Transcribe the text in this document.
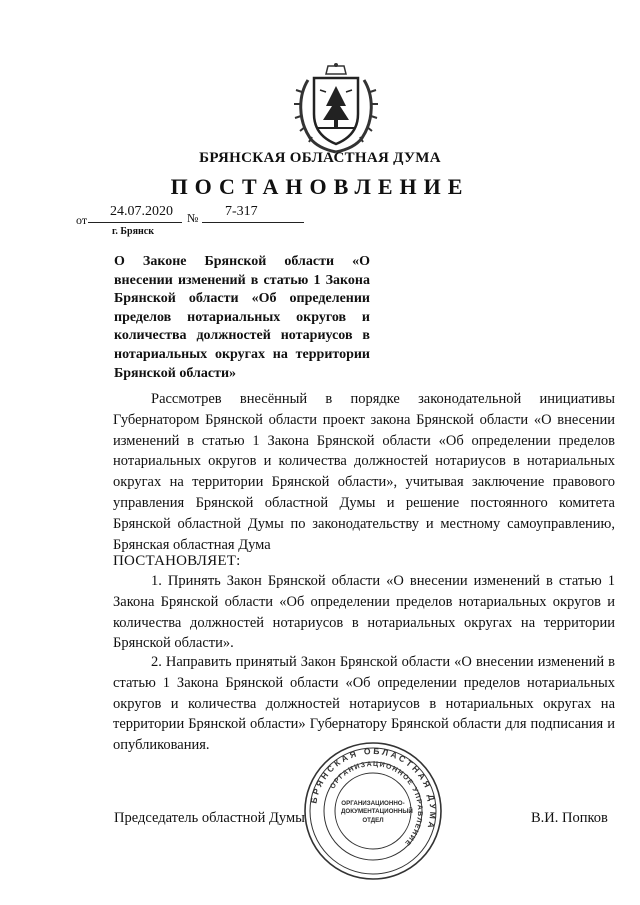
БРЯНСКАЯ ОБЛАСТНАЯ ДУМА
ПОСТАНОВЛЕНИЕ
от
24.07.2020 № 7-317
г. Брянск
О Законе Брянской области «О внесении изменений в статью 1 Закона Брянской области «Об определении пределов нотариальных округов и количества должностей нотариусов в нотариальных округах на территории Брянской области»
Рассмотрев внесённый в порядке законодательной инициативы Губернатором Брянской области проект закона Брянской области «О внесении изменений в статью 1 Закона Брянской области «Об определении пределов нотариальных округов и количества должностей нотариусов в нотариальных округах на территории Брянской области», учитывая заключение правового управления Брянской областной Думы и решение постоянного комитета Брянской областной Думы по законодательству и местному самоуправлению, Брянская областная Дума
ПОСТАНОВЛЯЕТ:
1. Принять Закон Брянской области «О внесении изменений в статью 1 Закона Брянской области «Об определении пределов нотариальных округов и количества должностей нотариусов в нотариальных округах на территории Брянской области».
2. Направить принятый Закон Брянской области «О внесении изменений в статью 1 Закона Брянской области «Об определении пределов нотариальных округов и количества должностей нотариусов в нотариальных округах на территории Брянской области» Губернатору Брянской области для подписания и опубликования.
БРЯНСКАЯ ОБЛАСТНАЯ ДУМА
ОРГАНИЗАЦИОННОЕ УПРАВЛЕНИЕ
ОРГАНИЗАЦИОННО-ДОКУМЕНТАЦИОННЫЙ ОТДЕЛ
Председатель областной Думы	В.И. Попков
